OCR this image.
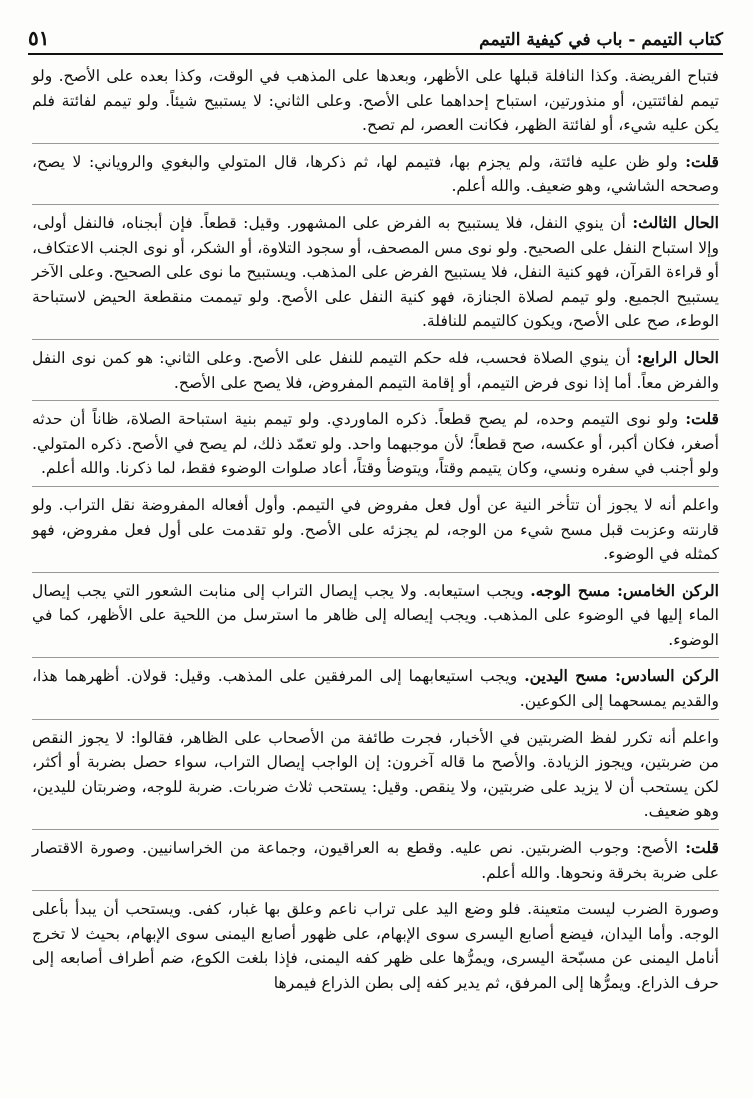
كتاب التيمم - باب في كيفية التيمم
٥١
فتباح الفريضة. وكذا النافلة قبلها على الأظهر، وبعدها على المذهب في الوقت، وكذا بعده على الأصح. ولو تيمم لفائتتين، أو منذورتين، استباح إحداهما على الأصح. وعلى الثاني: لا يستبيح شيئاً. ولو تيمم لفائتة فلم يكن عليه شيء، أو لفائتة الظهر، فكانت العصر، لم تصح.
قلت: ولو ظن عليه فائتة، ولم يجزم بها، فتيمم لها، ثم ذكرها، قال المتولي والبغوي والروياني: لا يصح، وصححه الشاشي، وهو ضعيف. والله أعلم.
الحال الثالث: أن ينوي النفل، فلا يستبيح به الفرض على المشهور. وقيل: قطعاً. فإن أبجناه، فالنفل أولى، وإلا استباح النفل على الصحيح. ولو نوى مس المصحف، أو سجود التلاوة، أو الشكر، أو نوى الجنب الاعتكاف، أو قراءة القرآن، فهو كنية النفل، فلا يستبيح الفرض على المذهب. ويستبيح ما نوى على الصحيح. وعلى الآخر يستبيح الجميع. ولو تيمم لصلاة الجنازة، فهو كنية النفل على الأصح. ولو تيممت منقطعة الحيض لاستباحة الوطء، صح على الأصح، ويكون كالتيمم للنافلة.
الحال الرابع: أن ينوي الصلاة فحسب، فله حكم التيمم للنفل على الأصح. وعلى الثاني: هو كمن نوى النفل والفرض معاً. أما إذا نوى فرض التيمم، أو إقامة التيمم المفروض، فلا يصح على الأصح.
قلت: ولو نوى التيمم وحده، لم يصح قطعاً. ذكره الماوردي. ولو تيمم بنية استباحة الصلاة، ظاناً أن حدثه أصغر، فكان أكبر، أو عكسه، صح قطعاً؛ لأن موجبهما واحد. ولو تعمّد ذلك، لم يصح في الأصح. ذكره المتولي. ولو أجنب في سفره ونسي، وكان يتيمم وقتاً، ويتوضأ وقتاً، أعاد صلوات الوضوء فقط، لما ذكرنا. والله أعلم.
واعلم أنه لا يجوز أن تتأخر النية عن أول فعل مفروض في التيمم. وأول أفعاله المفروضة نقل التراب. ولو قارنته وعزبت قبل مسح شيء من الوجه، لم يجزئه على الأصح. ولو تقدمت على أول فعل مفروض، فهو كمثله في الوضوء.
الركن الخامس: مسح الوجه. ويجب استيعابه. ولا يجب إيصال التراب إلى منابت الشعور التي يجب إيصال الماء إليها في الوضوء على المذهب. ويجب إيصاله إلى ظاهر ما استرسل من اللحية على الأظهر، كما في الوضوء.
الركن السادس: مسح اليدين. ويجب استيعابهما إلى المرفقين على المذهب. وقيل: قولان. أظهرهما هذا، والقديم يمسحهما إلى الكوعين.
واعلم أنه تكرر لفظ الضربتين في الأخبار، فجرت طائفة من الأصحاب على الظاهر، فقالوا: لا يجوز النقص من ضربتين، ويجوز الزيادة. والأصح ما قاله آخرون: إن الواجب إيصال التراب، سواء حصل بضربة أو أكثر، لكن يستحب أن لا يزيد على ضربتين، ولا ينقص. وقيل: يستحب ثلاث ضربات. ضربة للوجه، وضربتان لليدين، وهو ضعيف.
قلت: الأصح: وجوب الضربتين. نص عليه. وقطع به العراقيون، وجماعة من الخراسانيين. وصورة الاقتصار على ضربة بخرقة ونحوها. والله أعلم.
وصورة الضرب ليست متعينة. فلو وضع اليد على تراب ناعم وعلق بها غبار، كفى. ويستحب أن يبدأ بأعلى الوجه. وأما اليدان، فيضع أصابع اليسرى سوى الإبهام، على ظهور أصابع اليمنى سوى الإبهام، بحيث لا تخرج أنامل اليمنى عن مسبّحة اليسرى، ويمرُّها على ظهر كفه اليمنى، فإذا بلغت الكوع، ضم أطراف أصابعه إلى حرف الذراع. ويمرُّها إلى المرفق، ثم يدير كفه إلى بطن الذراع فيمرها
